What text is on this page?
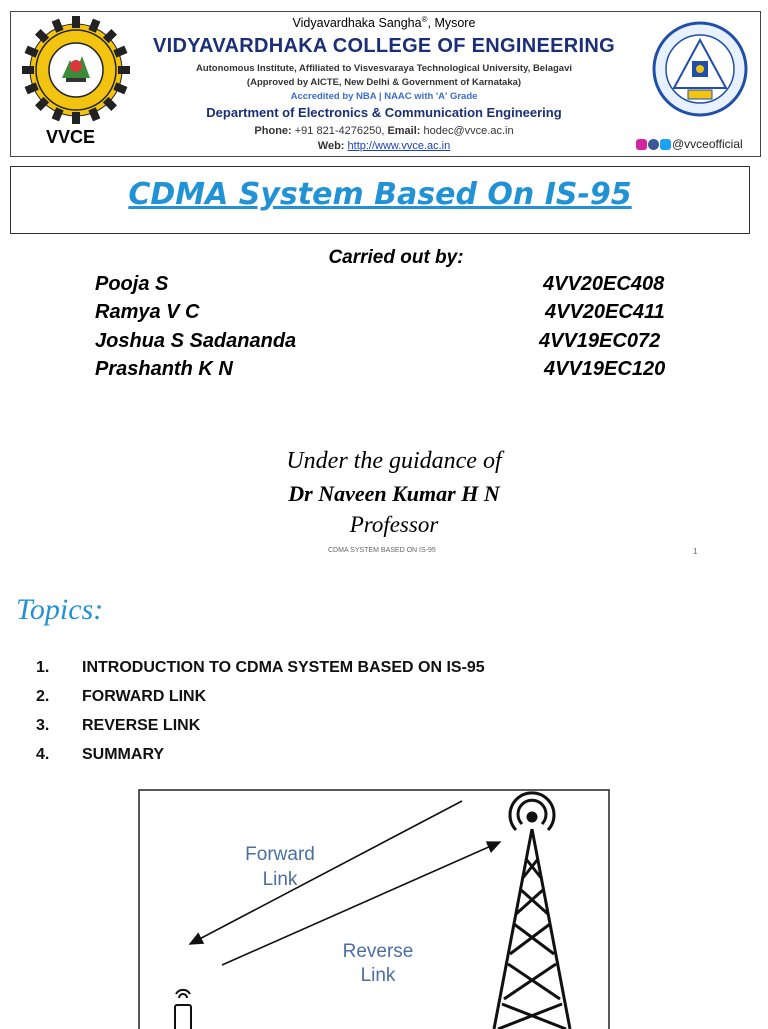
VVCE
Vidyavardhaka Sangha®, Mysore
VIDYAVARDHAKA COLLEGE OF ENGINEERING
Autonomous Institute, Affiliated to Visvesvaraya Technological University, Belagavi
(Approved by AICTE, New Delhi & Government of Karnataka)
Accredited by NBA | NAAC with 'A' Grade
Department of Electronics & Communication Engineering
Phone: +91 821-4276250, Email: hodec@vvce.ac.in
Web: http://www.vvce.ac.in	@vvceofficial
CDMA System Based On IS-95
Carried out by:
Pooja S	4VV20EC408
Ramya V C	4VV20EC411
Joshua S Sadananda	4VV19EC072
Prashanth K N	4VV19EC120
Under the guidance of
Dr Naveen Kumar H N
Professor
CDMA SYSTEM BASED ON IS-95	1
Topics:
1. INTRODUCTION TO CDMA SYSTEM BASED ON IS-95
2. FORWARD LINK
3. REVERSE LINK
4. SUMMARY
Forward
Link
Reverse
Link
